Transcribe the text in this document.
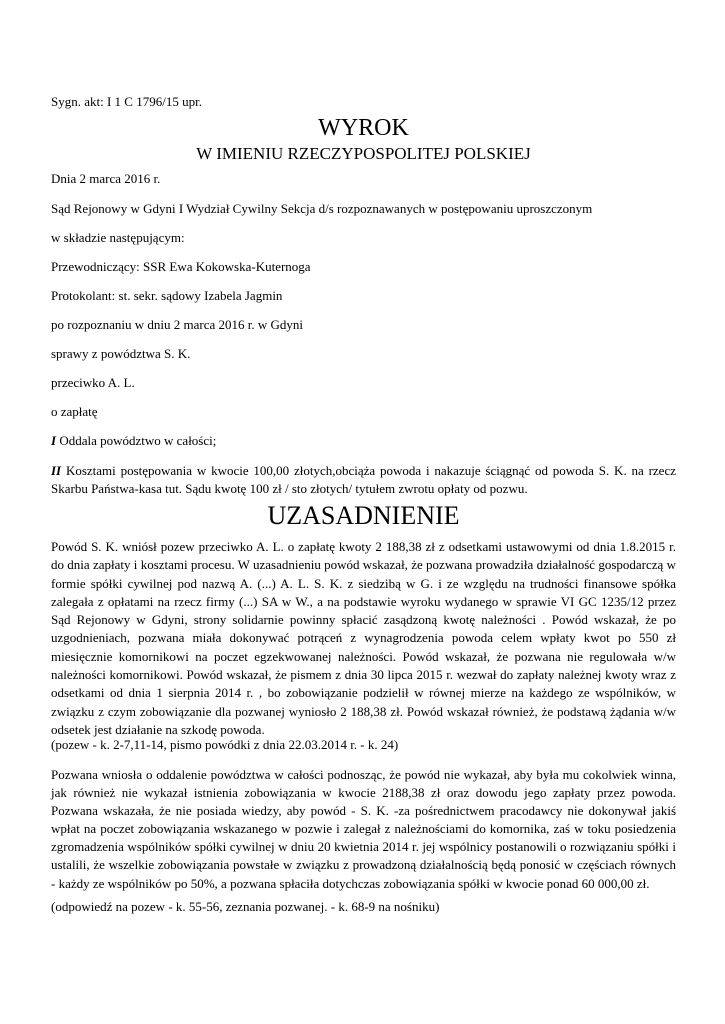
Sygn. akt: I 1 C 1796/15 upr.
WYROK
W IMIENIU RZECZYPOSPOLITEJ POLSKIEJ
Dnia 2 marca 2016 r.
Sąd Rejonowy w Gdyni I Wydział Cywilny Sekcja d/s rozpoznawanych w postępowaniu uproszczonym
w składzie następującym:
Przewodniczący: SSR Ewa Kokowska-Kuternoga
Protokolant: st. sekr. sądowy Izabela Jagmin
po rozpoznaniu w dniu 2 marca 2016 r. w Gdyni
sprawy z powództwa S. K.
przeciwko A. L.
o zapłatę
I Oddala powództwo w całości;
II Kosztami postępowania w kwocie 100,00 złotych,obciąża powoda i nakazuje ściągnąć od powoda S. K. na rzecz Skarbu Państwa-kasa tut. Sądu kwotę 100 zł / sto złotych/ tytułem zwrotu opłaty od pozwu.
UZASADNIENIE
Powód S. K. wniósł pozew przeciwko A. L. o zapłatę kwoty 2 188,38 zł z odsetkami ustawowymi od dnia 1.8.2015 r. do dnia zapłaty i kosztami procesu. W uzasadnieniu powód wskazał, że pozwana prowadziła działalność gospodarczą w formie spółki cywilnej pod nazwą A. (...) A. L. S. K. z siedzibą w G. i ze względu na trudności finansowe spółka zalegała z opłatami na rzecz firmy (...) SA w W., a na podstawie wyroku wydanego w sprawie VI GC 1235/12 przez Sąd Rejonowy w Gdyni, strony solidarnie powinny spłacić zasądzoną kwotę należności . Powód wskazał, że po uzgodnieniach, pozwana miała dokonywać potrąceń z wynagrodzenia powoda celem wpłaty kwot po 550 zł miesięcznie komornikowi na poczet egzekwowanej należności. Powód wskazał, że pozwana nie regulowała w/w należności komornikowi. Powód wskazał, że pismem z dnia 30 lipca 2015 r. wezwał do zapłaty należnej kwoty wraz z odsetkami od dnia 1 sierpnia 2014 r. , bo zobowiązanie podzielił w równej mierze na każdego ze wspólników, w związku z czym zobowiązanie dla pozwanej wyniosło 2 188,38 zł. Powód wskazał również, że podstawą żądania w/w odsetek jest działanie na szkodę powoda.
(pozew - k. 2-7,11-14, pismo powódki z dnia 22.03.2014 r. - k. 24)
Pozwana wniosła o oddalenie powództwa w całości podnosząc, że powód nie wykazał, aby była mu cokolwiek winna, jak również nie wykazał istnienia zobowiązania w kwocie 2188,38 zł oraz dowodu jego zapłaty przez powoda. Pozwana wskazała, że nie posiada wiedzy, aby powód - S. K. -za pośrednictwem pracodawcy nie dokonywał jakiś wpłat na poczet zobowiązania wskazanego w pozwie i zalegał z należnościami do komornika, zaś w toku posiedzenia zgromadzenia wspólników spółki cywilnej w dniu 20 kwietnia 2014 r. jej wspólnicy postanowili o rozwiązaniu spółki i ustalili, że wszelkie zobowiązania powstałe w związku z prowadzoną działalnością będą ponosić w częściach równych - każdy ze wspólników po 50%, a pozwana spłaciła dotychczas zobowiązania spółki w kwocie ponad 60 000,00 zł.
(odpowiedź na pozew - k. 55-56, zeznania pozwanej. - k. 68-9 na nośniku)
